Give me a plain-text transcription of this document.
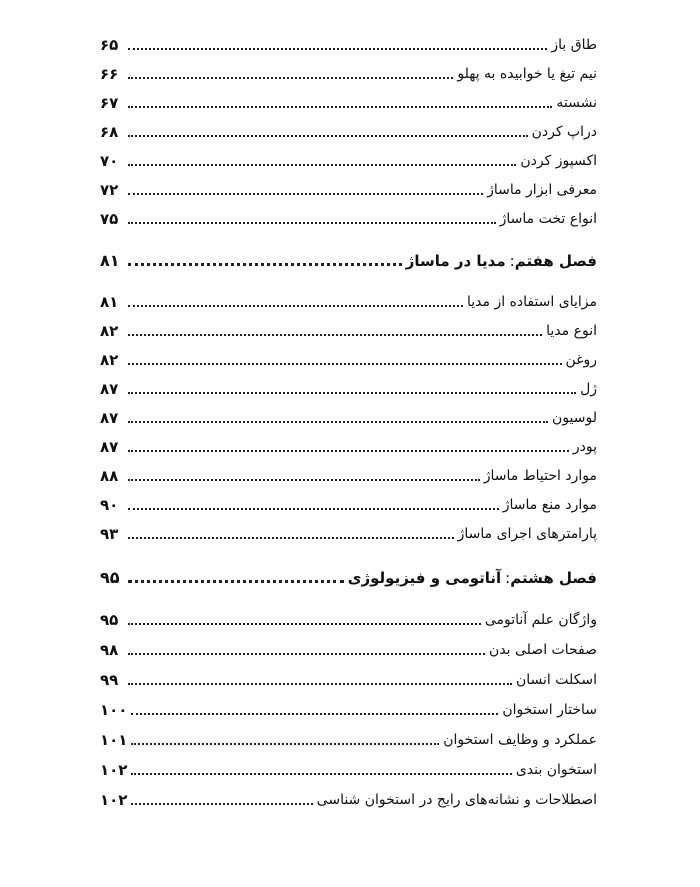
طاق باز
۶۵
نیم تیغ یا خوابیده به پهلو
۶۶
نشسته
۶۷
دراپ کردن
۶۸
اکسپوز کردن
۷۰
معرفی ابزار ماساژ
۷۲
انواع تخت ماساژ
۷۵
فصل هفتم:مدیا در ماساژ
۸۱
مزایای استفاده از مدیا
۸۱
انوع مدیا
۸۲
روغن
۸۲
ژل
۸۷
لوسیون
۸۷
پودر
۸۷
موارد احتیاط ماساژ
۸۸
موارد منع ماساژ
۹۰
پارامترهای اجرای ماساژ
۹۳
فصل هشتم:آناتومی و فیزیولوژی
۹۵
واژگان علم آناتومی
۹۵
صفحات اصلی بدن
۹۸
اسکلت انسان
۹۹
ساختار استخوان
۱۰۰
عملکرد و وظایف استخوان
۱۰۱
استخوان بندی
۱۰۲
اصطلاحات و نشانه‌های رایج در استخوان شناسی
۱۰۲
